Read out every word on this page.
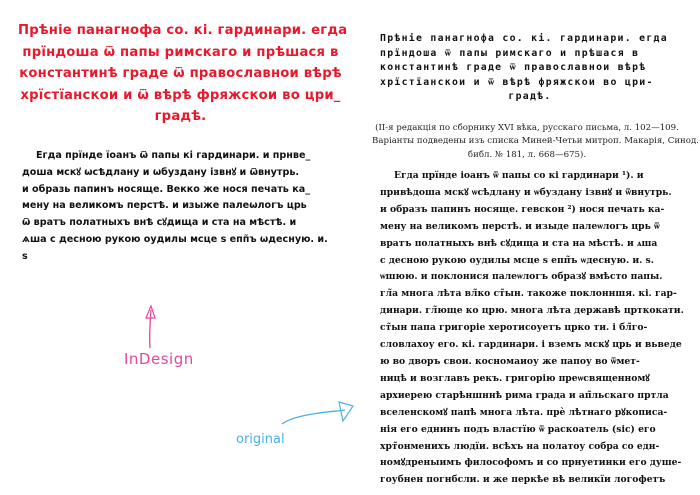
Прѣніе панагнофа со. кі. гардинари. егда
прїндоша ѿ папы римскаго и прѣшася в
константинѣ граде ѿ православнои вѣрѣ
хрїстїанскои и ѿ вѣрѣ фряжскои во цри_
градѣ.
Егда прїнде їоанъ ѿ папы кі гардинари. и прнве_
доша мскꙋ ѡсѣдлану и ѡбуздану ізвнꙋ и ѿвнутрь.
и образь папинъ носяще. Векко же нося печать ка_
мену на великомъ перстѣ. и изыже палеѡлогъ црь
ѿ вратъ полатныхъ внѣ сꙋдища и ста на мѣстѣ. и
ѧша с десною рукою оудилы мсце ѕ епп̃ъ ѡдесную. и.
ѕ
Прѣніе панагнофа со. кі. гардинари. егда
прїндоша ѿ папы римскаго и прѣшася в
константинѣ граде ѿ православнои вѣрѣ
хрїстїанскои и ѿ вѣрѣ фряжскои во цри-
градѣ.
(II-я редакція по сборнику XVI вѣка, русскаго письма, л. 102—109.
Варіанты подведены изъ списка Миней-Четьи митроп. Макарія, Синод.
библ. № 181, л. 668—675).
Егда прїнде іоанъ ѿ папы со кі гардинари ¹). и
привѣдоша мскꙋ ѡсѣдлану и ѡбуздану ізвнꙋ и ѿвнутрь.
и образъ папинъ носяще. гевскон ²) нося печать ка-
мену на великомъ перстѣ. и изыде палеѡлогъ црь ѿ
вратъ полатныхъ внѣ сꙋдища и ста на мѣстѣ. и ѧша
с десною рукою оудилы мсце ѕ епп̃ъ ѡдесную. и. ѕ.
ѡшюю. и поклонися палеѡлогъ образꙋ вмѣсто папы.
гл̃а многа лѣта вл̃ко ст̃ын. такоже поклонншя. кі. гар-
динари. гл̃юще ко црю. многа лѣта державѣ црткокати.
ст̃ын папа григоріе херотисоуетъ црко ти. і бл̃го-
словлахоу его. кі. гардинари. і вземъ мскꙋ црь и вьведе
ю во дворъ свои. косномаиоу же папоу во ѿмет-
ницѣ и возглавъ рекъ. григорію преѡсвященномꙋ
архиерею старѣншннѣ рима града и ап̃льскаго пртла
вселенскомꙋ папѣ многа лѣта. прѐ лѣтнаго рꙋкописа-
нія его еднинъ подъ властїю ѿ раскоатель (sic) его
хрт̃онменихъ людїи. всѣхъ на полатоу собра со едн-
номꙋдреныимъ философомъ и со прнуетинки его душе-
гоубнен погнбсли. и же перкѣе вѣ великїи логофетъ
InDesign
original
